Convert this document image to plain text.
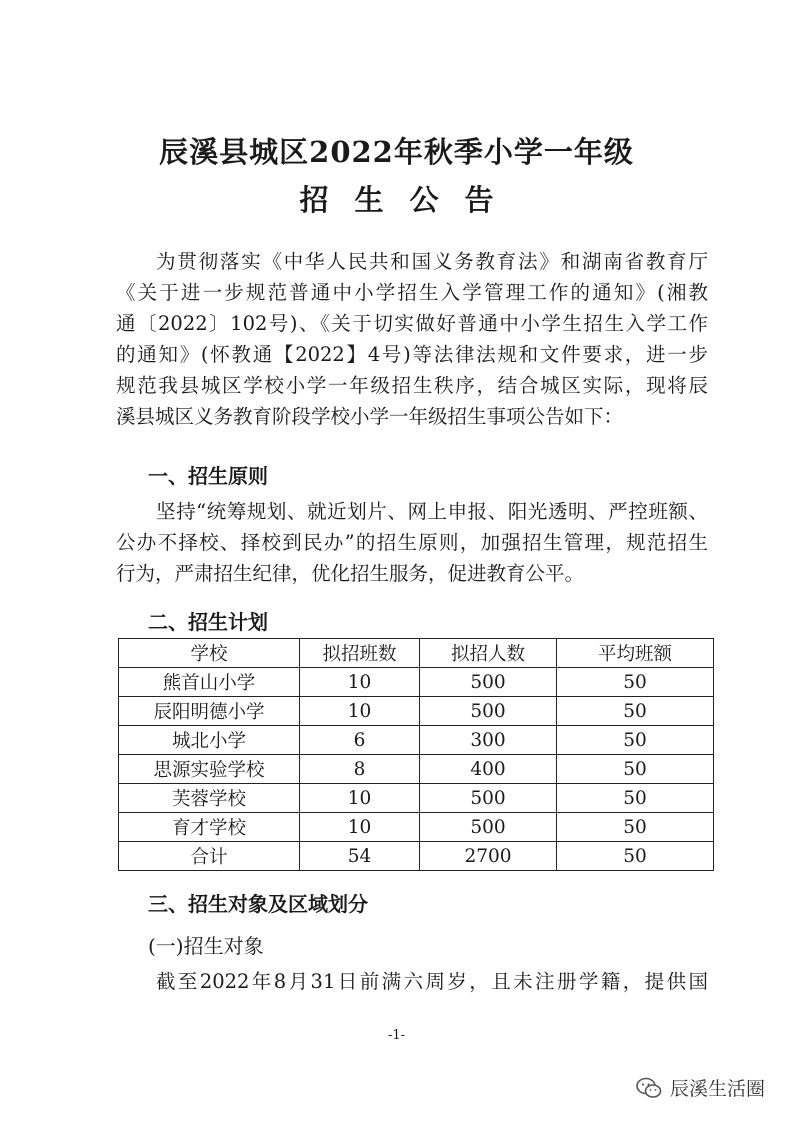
辰溪县城区2022年秋季小学一年级
招生公告
为贯彻落实《中华人民共和国义务教育法》和湖南省教育厅
《关于进一步规范普通中小学招生入学管理工作的通知》(湘教
通〔2022〕102号)、《关于切实做好普通中小学生招生入学工作
的通知》(怀教通【2022】4号)等法律法规和文件要求，进一步
规范我县城区学校小学一年级招生秩序，结合城区实际，现将辰
溪县城区义务教育阶段学校小学一年级招生事项公告如下：
一、招生原则
坚持“统筹规划、就近划片、网上申报、阳光透明、严控班额、
公办不择校、择校到民办”的招生原则，加强招生管理，规范招生
行为，严肃招生纪律，优化招生服务，促进教育公平。
二、招生计划
学校	拟招班数	拟招人数	平均班额
熊首山小学	10	500	50
辰阳明德小学	10	500	50
城北小学	6	300	50
思源实验学校	8	400	50
芙蓉学校	10	500	50
育才学校	10	500	50
合计	54	2700	50
三、招生对象及区域划分
(一)招生对象
截至2022年8月31日前满六周岁，且未注册学籍，提供国
-1-
辰溪生活圈
